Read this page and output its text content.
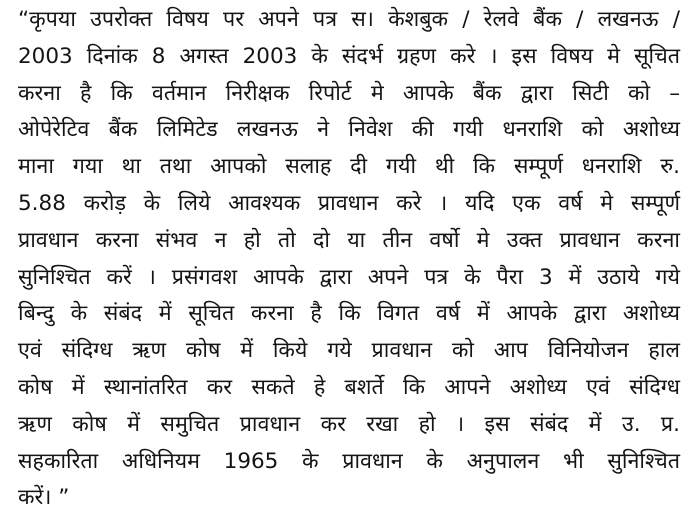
“कृपया उपरोक्त विषय पर अपने पत्र स। केशबुक / रेलवे बैंक / लखनऊ /
2003 दिनांक 8 अगस्त 2003 के संदर्भ ग्रहण करे । इस विषय मे सूचित
करना है कि वर्तमान निरीक्षक रिपोर्ट मे आपके बैंक द्वारा सिटी को –
ओपेरेटिव बैंक लिमिटेड लखनऊ ने निवेश की गयी धनराशि को अशोध्य
माना गया था तथा आपको सलाह दी गयी थी कि सम्पूर्ण धनराशि रु.
5.88 करोड़ के लिये आवश्यक प्रावधान करे । यदि एक वर्ष मे सम्पूर्ण
प्रावधान करना संभव न हो तो दो या तीन वर्षो मे उक्त प्रावधान करना
सुनिश्चित करें । प्रसंगवश आपके द्वारा अपने पत्र के पैरा 3 में उठाये गये
बिन्दु के संबंद में सूचित करना है कि विगत वर्ष में आपके द्वारा अशोध्य
एवं संदिग्ध ऋण कोष में किये गये प्रावधान को आप विनियोजन हाल
कोष में स्थानांतरित कर सकते हे बशर्ते कि आपने अशोध्य एवं संदिग्ध
ऋण कोष में समुचित प्रावधान कर रखा हो । इस संबंद में उ. प्र.
सहकारिता अधिनियम 1965 के प्रावधान के अनुपालन भी सुनिश्चित
करें। ”
